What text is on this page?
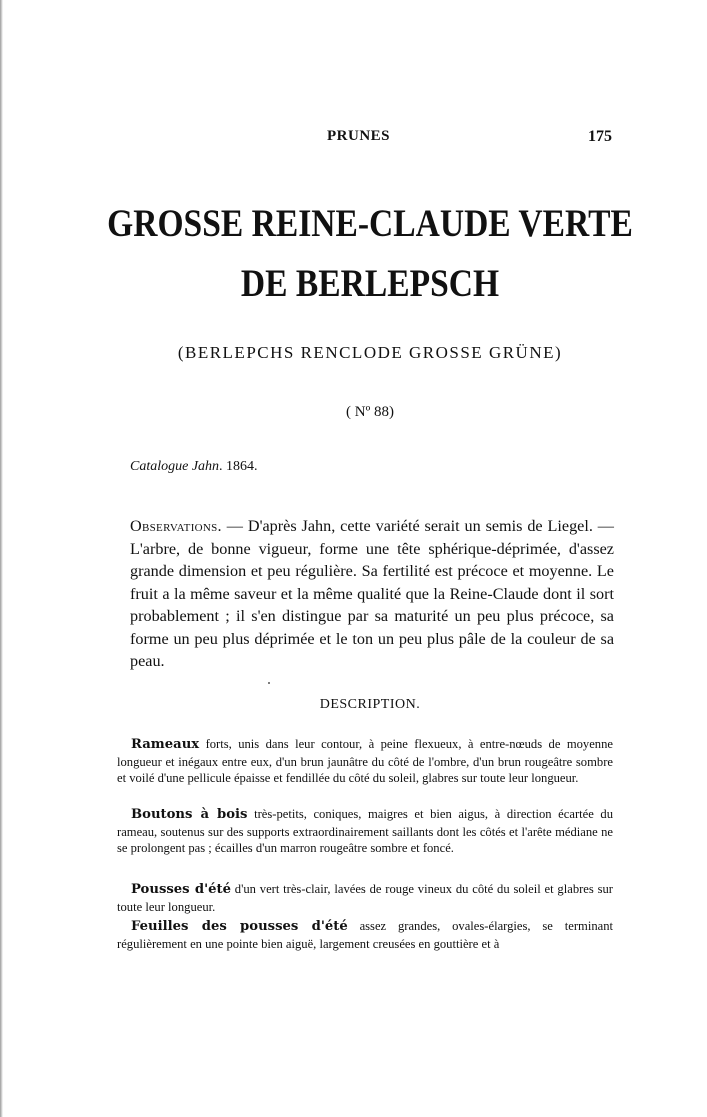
PRUNES	175
GROSSE REINE-CLAUDE VERTE
DE BERLEPSCH
(BERLEPCHS RENCLODE GROSSE GRÜNE)
( Nº 88)
Catalogue Jahn. 1864.
Observations. — D'après Jahn, cette variété serait un semis de Liegel. — L'arbre, de bonne vigueur, forme une tête sphérique-déprimée, d'assez grande dimension et peu régulière. Sa fertilité est précoce et moyenne. Le fruit a la même saveur et la même qualité que la Reine-Claude dont il sort probablement ; il s'en distingue par sa maturité un peu plus précoce, sa forme un peu plus déprimée et le ton un peu plus pâle de la couleur de sa peau.
DESCRIPTION.
Rameaux forts, unis dans leur contour, à peine flexueux, à entre-nœuds de moyenne longueur et inégaux entre eux, d'un brun jaunâtre du côté de l'ombre, d'un brun rougeâtre sombre et voilé d'une pellicule épaisse et fendillée du côté du soleil, glabres sur toute leur longueur.
Boutons à bois très-petits, coniques, maigres et bien aigus, à direction écartée du rameau, soutenus sur des supports extraordinairement saillants dont les côtés et l'arête médiane ne se prolongent pas ; écailles d'un marron rougeâtre sombre et foncé.
Pousses d'été d'un vert très-clair, lavées de rouge vineux du côté du soleil et glabres sur toute leur longueur.
Feuilles des pousses d'été assez grandes, ovales-élargies, se terminant régulièrement en une pointe bien aiguë, largement creusées en gouttière et à
